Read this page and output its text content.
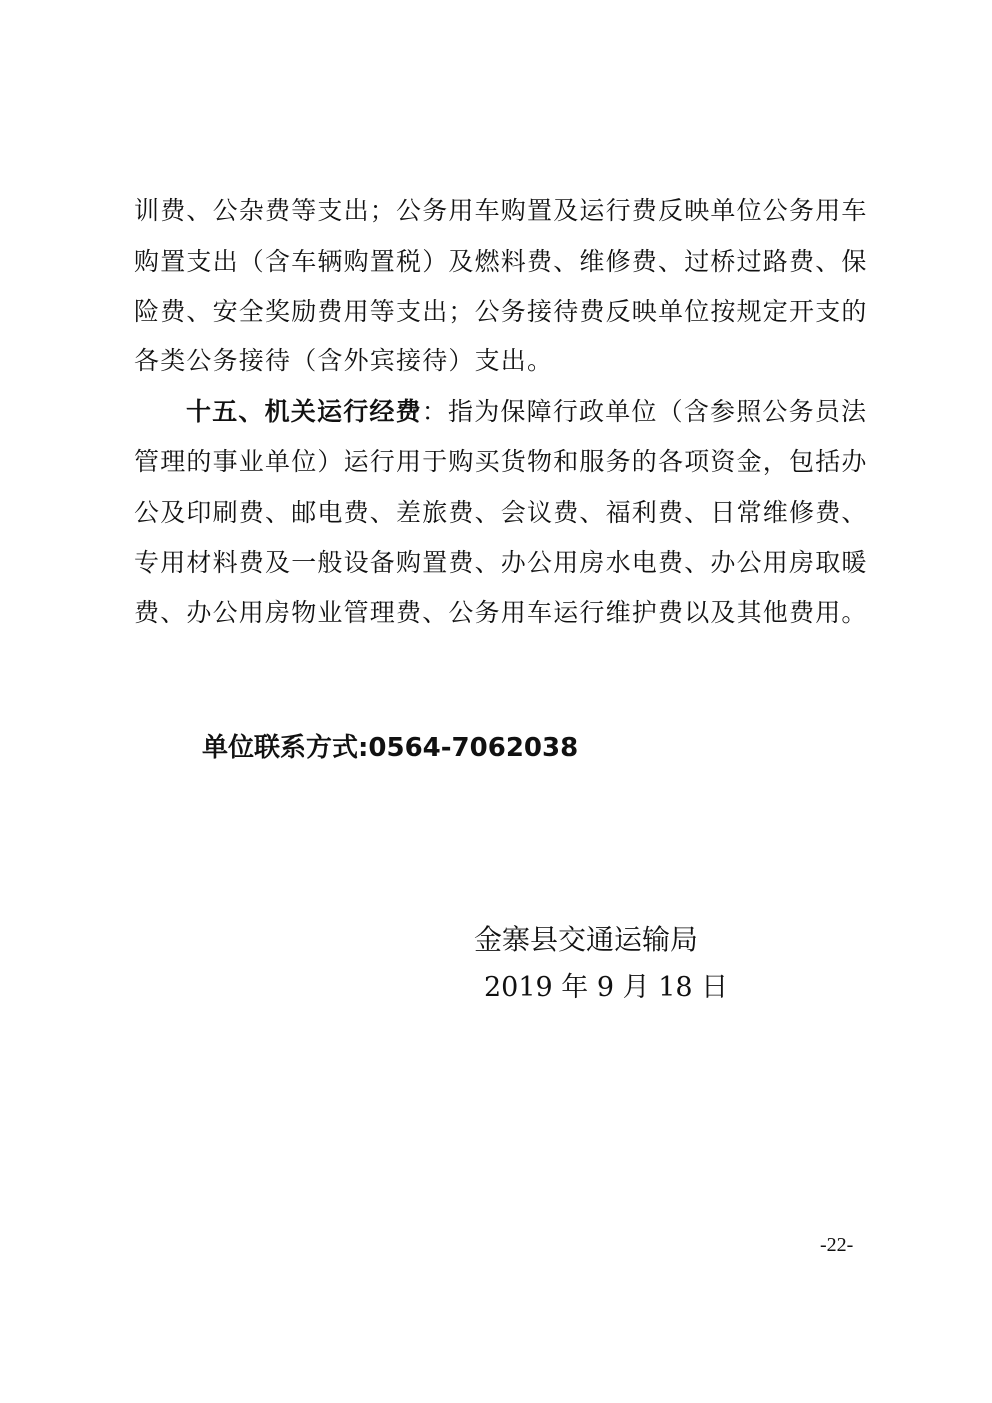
训费、公杂费等支出；公务用车购置及运行费反映单位公务用车
购置支出（含车辆购置税）及燃料费、维修费、过桥过路费、保
险费、安全奖励费用等支出；公务接待费反映单位按规定开支的
各类公务接待（含外宾接待）支出。
十五、机关运行经费：指为保障行政单位（含参照公务员法
管理的事业单位）运行用于购买货物和服务的各项资金，包括办
公及印刷费、邮电费、差旅费、会议费、福利费、日常维修费、
专用材料费及一般设备购置费、办公用房水电费、办公用房取暖
费、办公用房物业管理费、公务用车运行维护费以及其他费用。
单位联系方式:0564-7062038
金寨县交通运输局
2019 年 9 月 18 日
-22-
